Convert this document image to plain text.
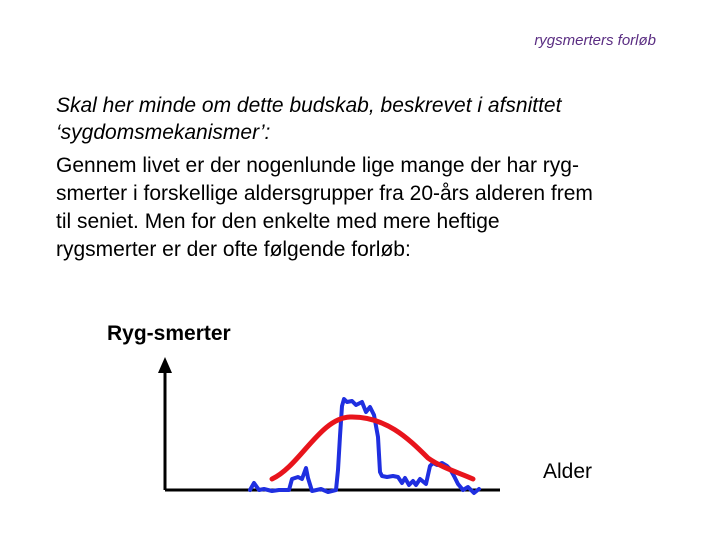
rygsmerters forløb
Skal her minde om dette budskab, beskrevet i afsnittet
‘sygdomsmekanismer’:
Gennem livet er der nogenlunde lige mange der har ryg-
smerter i forskellige aldersgrupper fra 20-års alderen frem
til seniet. Men for den enkelte med mere heftige
rygsmerter er der ofte følgende forløb:
Ryg-smerter
Alder
